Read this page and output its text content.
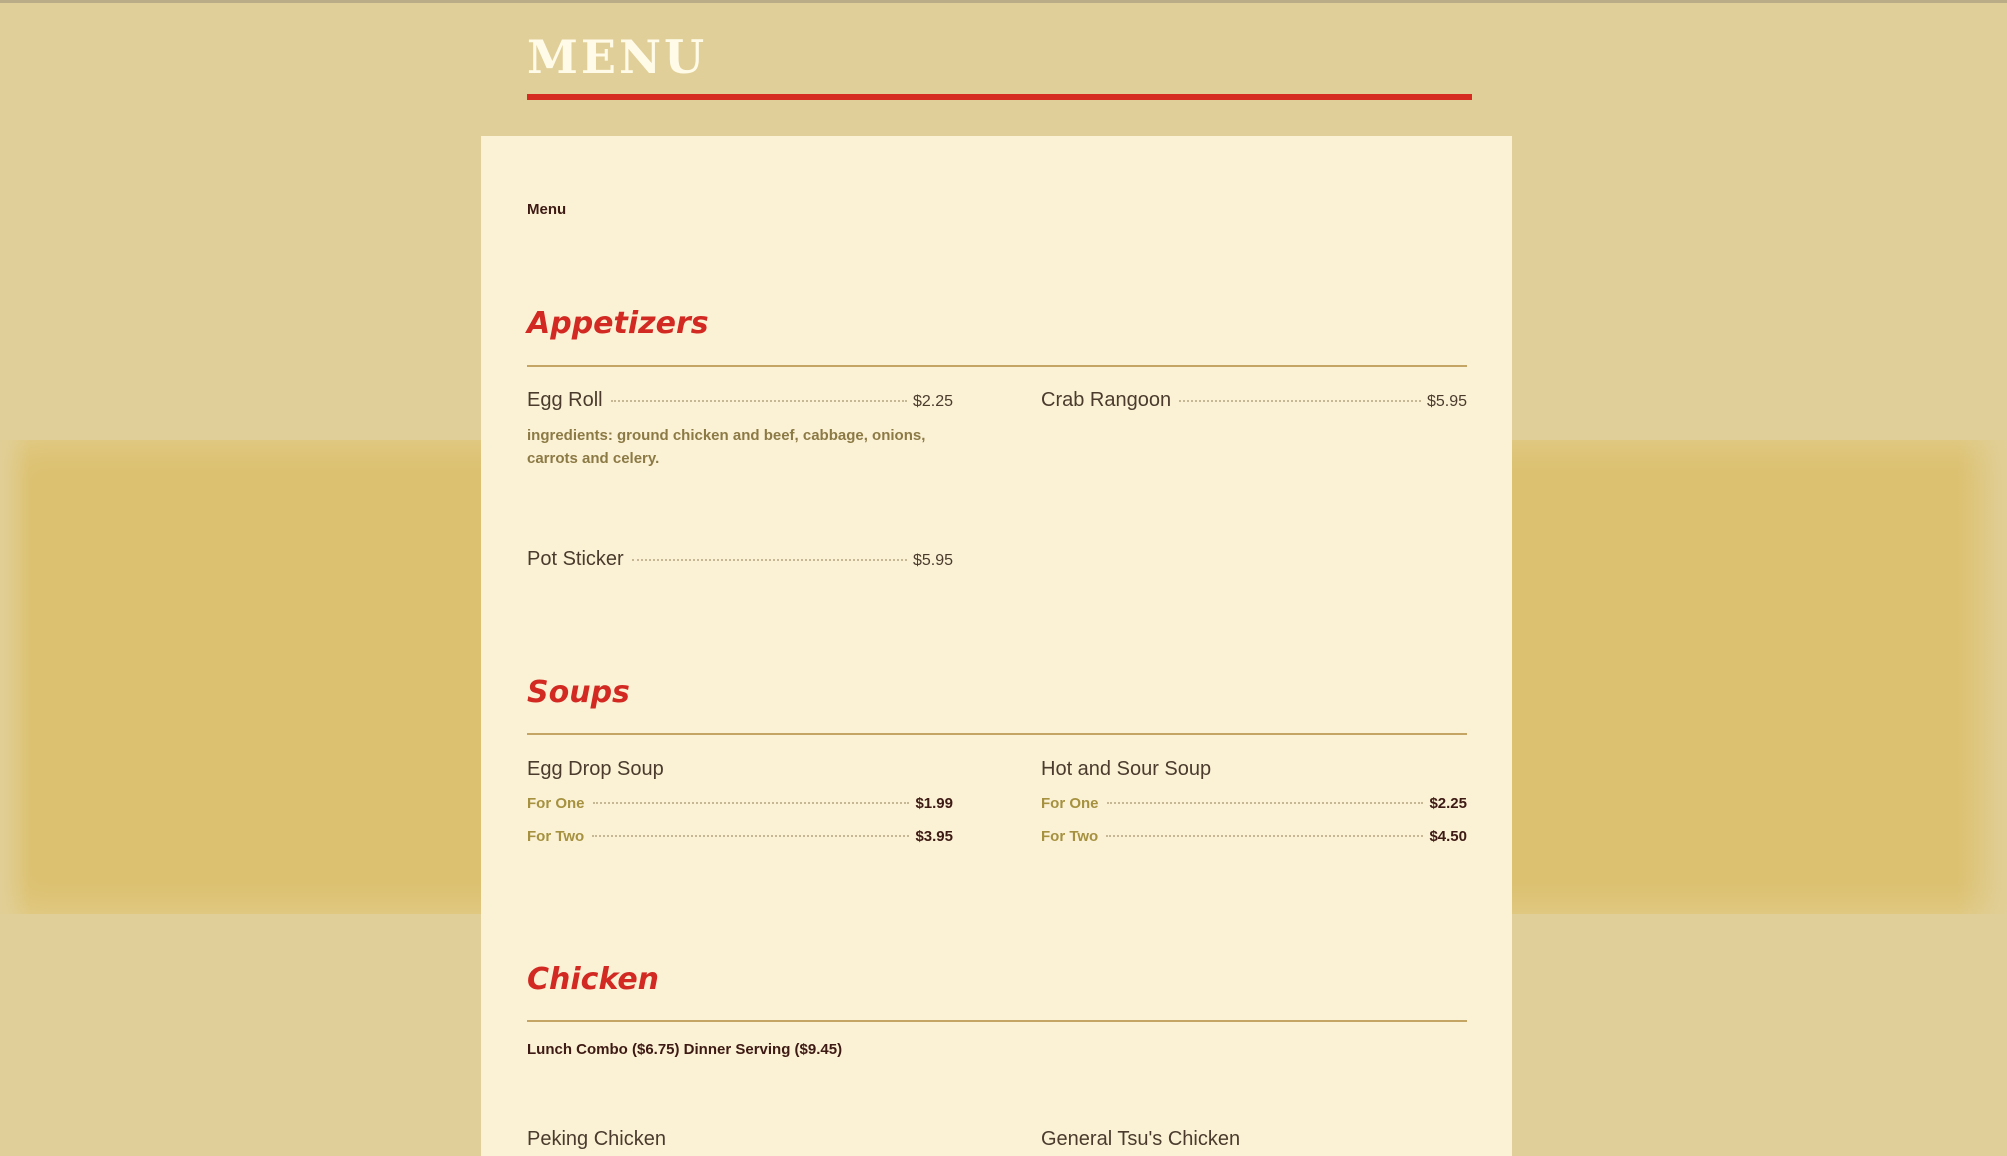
MENU
Menu
Appetizers
Egg Roll	$2.25
ingredients: ground chicken and beef, cabbage, onions, carrots and celery.
Crab Rangoon	$5.95
Pot Sticker	$5.95
Soups
Egg Drop Soup
For One	$1.99
For Two	$3.95
Hot and Sour Soup
For One	$2.25
For Two	$4.50
Chicken
Lunch Combo ($6.75) Dinner Serving ($9.45)
Peking Chicken	General Tsu's Chicken
